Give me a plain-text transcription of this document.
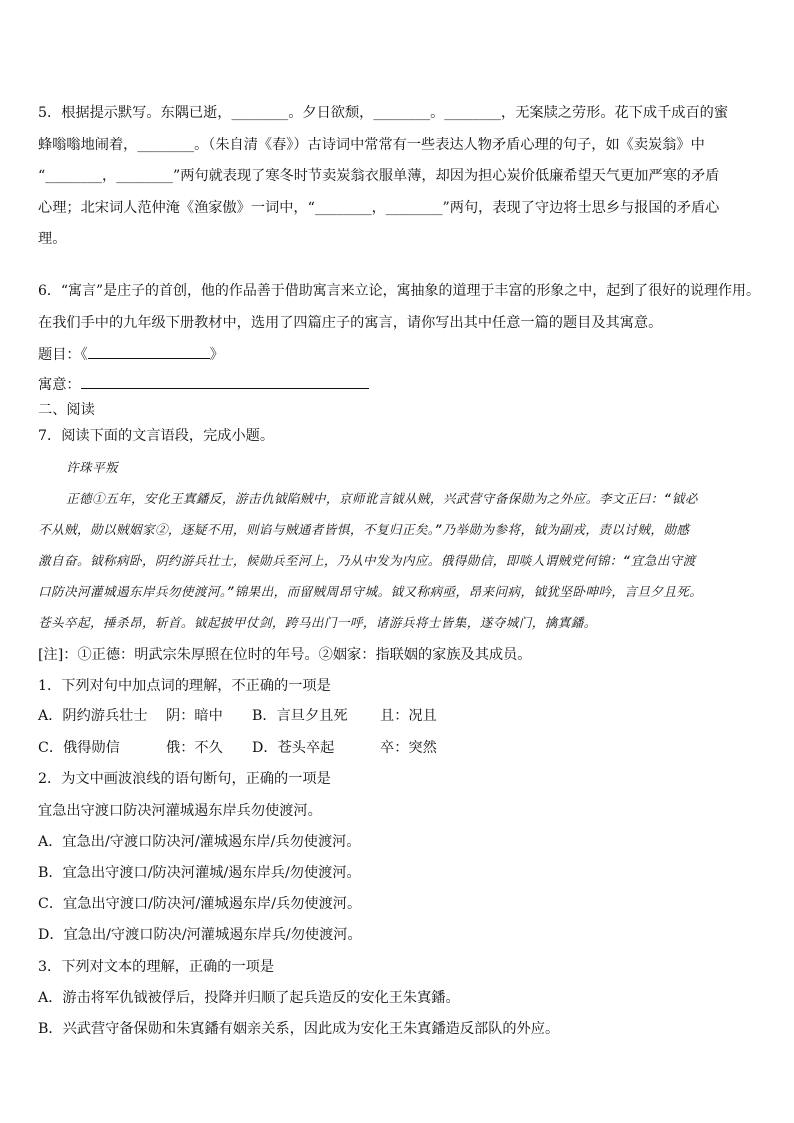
5．根据提示默写。东隅已逝，________。夕日欲颓，________。________，无案牍之劳形。花下成千成百的蜜
蜂嗡嗡地闹着，________。（朱自清《春》）古诗词中常常有一些表达人物矛盾心理的句子，如《卖炭翁》中
“________，________”两句就表现了寒冬时节卖炭翁衣服单薄，却因为担心炭价低廉希望天气更加严寒的矛盾
心理；北宋词人范仲淹《渔家傲》一词中，“________，________”两句，表现了守边将士思乡与报国的矛盾心
理。
6．“寓言”是庄子的首创，他的作品善于借助寓言来立论，寓抽象的道理于丰富的形象之中，起到了很好的说理作用。
在我们手中的九年级下册教材中，选用了四篇庄子的寓言，请你写出其中任意一篇的题目及其寓意。
题目：《	》
寓意：
二、阅读
7．阅读下面的文言语段，完成小题。
许珠平叛
正德①五年，安化王寘鐇反，游击仇钺陷贼中，京师讹言钺从贼，兴武营守备保勋为之外应。李文正曰：“钺必
不从贼，勋以贼姻家②，逐疑不用，则谄与贼通者皆惧，不复归正矣。”乃举勋为参将，钺为副戎，责以讨贼，勋感
激自奋。钺称病卧，阴约游兵壮士，候勋兵至河上，乃从中发为内应。俄得勋信，即啖人谓贼党何锦：“宜急出守渡
口防决河灌城遏东岸兵勿使渡河。”锦果出，而留贼周昂守城。钺又称病亟，昂来问病，钺犹坚卧呻吟，言旦夕且死。
苍头卒起，捶杀昂，斩首。钺起披甲仗剑，跨马出门一呼，诸游兵将士皆集，遂夺城门，擒寘鐇。
[注]：①正德：明武宗朱厚照在位时的年号。②姻家：指联姻的家族及其成员。
1．下列对句中加点词的理解，不正确的一项是
A．阴约游兵壮士 阴：暗中 B．言旦夕且死 且：况且
C．俄得勋信	俄：不久 D．苍头卒起	卒：突然
2．为文中画波浪线的语句断句，正确的一项是
宜急出守渡口防决河灌城遏东岸兵勿使渡河。
A．宜急出/守渡口防决河/灌城遏东岸/兵勿使渡河。
B．宜急出守渡口/防决河灌城/遏东岸兵/勿使渡河。
C．宜急出守渡口/防决河/灌城遏东岸/兵勿使渡河。
D．宜急出/守渡口防决/河灌城遏东岸兵/勿使渡河。
3．下列对文本的理解，正确的一项是
A．游击将军仇钺被俘后，投降并归顺了起兵造反的安化王朱寘鐇。
B．兴武营守备保勋和朱寘鐇有姻亲关系，因此成为安化王朱寘鐇造反部队的外应。
